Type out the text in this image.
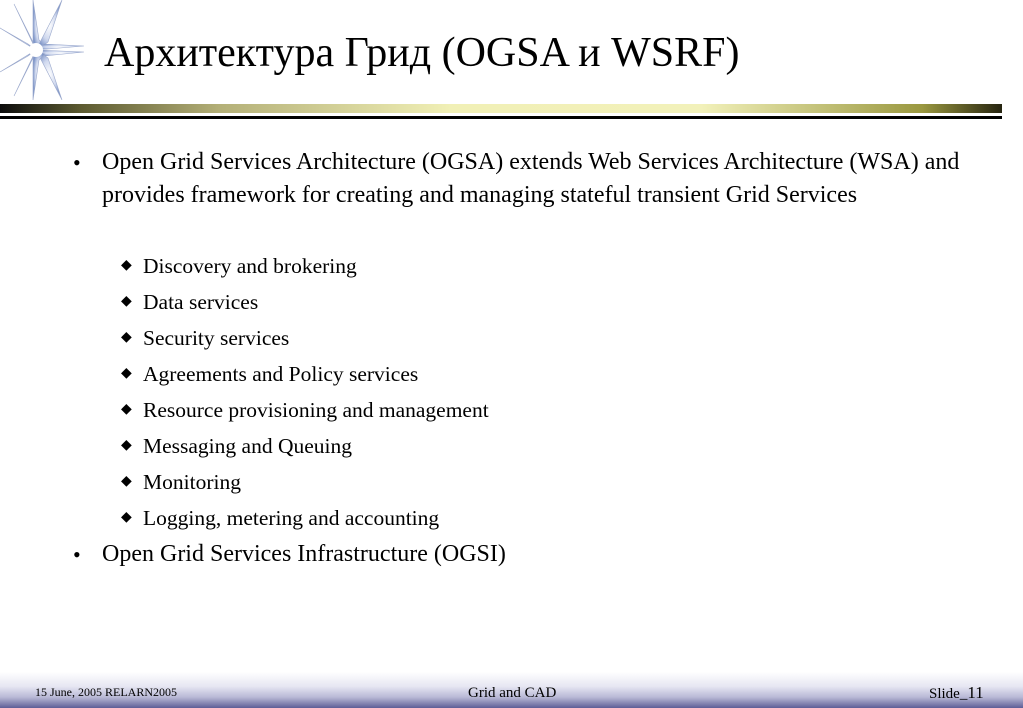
Архитектура Грид (OGSA и WSRF)
• Open Grid Services Architecture (OGSA) extends Web Services Architecture (WSA) and provides framework for creating and managing stateful transient Grid Services
◆ Discovery and brokering
◆ Data services
◆ Security services
◆ Agreements and Policy services
◆ Resource provisioning and management
◆ Messaging and Queuing
◆ Monitoring
◆ Logging, metering and accounting
• Open Grid Services Infrastructure (OGSI)
15 June, 2005 RELARN2005	Grid and CAD	Slide_11
